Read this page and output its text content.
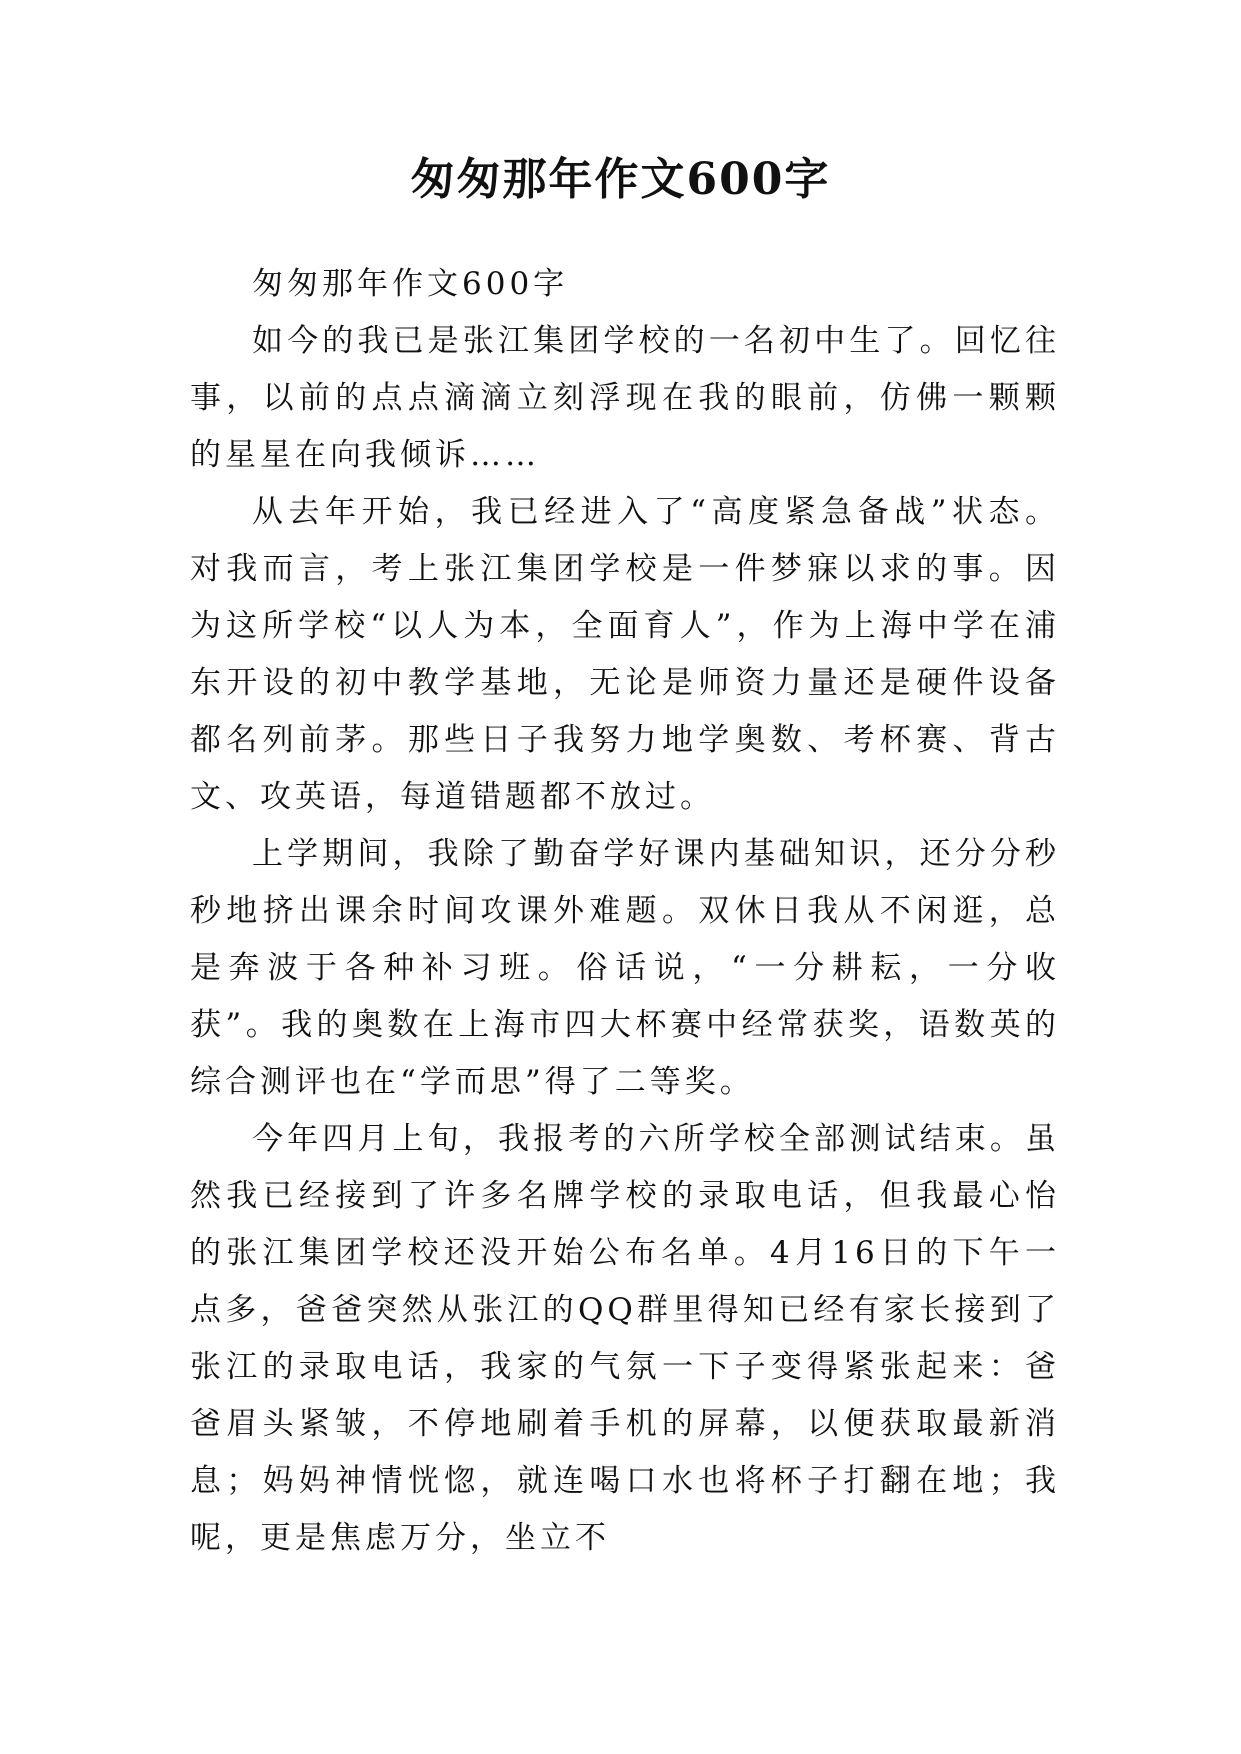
匆匆那年作文600字

匆匆那年作文600字

如今的我已是张江集团学校的一名初中生了。回忆往事，以前的点点滴滴立刻浮现在我的眼前，仿佛一颗颗的星星在向我倾诉……

从去年开始，我已经进入了“高度紧急备战”状态。对我而言，考上张江集团学校是一件梦寐以求的事。因为这所学校“以人为本，全面育人”，作为上海中学在浦东开设的初中教学基地，无论是师资力量还是硬件设备都名列前茅。那些日子我努力地学奥数、考杯赛、背古文、攻英语，每道错题都不放过。

上学期间，我除了勤奋学好课内基础知识，还分分秒秒地挤出课余时间攻课外难题。双休日我从不闲逛，总是奔波于各种补习班。俗话说，“一分耕耘，一分收获”。我的奥数在上海市四大杯赛中经常获奖，语数英的综合测评也在“学而思”得了二等奖。

今年四月上旬，我报考的六所学校全部测试结束。虽然我已经接到了许多名牌学校的录取电话，但我最心怡的张江集团学校还没开始公布名单。4月16日的下午一点多，爸爸突然从张江的QQ群里得知已经有家长接到了张江的录取电话，我家的气氛一下子变得紧张起来：爸爸眉头紧皱，不停地刷着手机的屏幕，以便获取最新消息；妈妈神情恍惚，就连喝口水也将杯子打翻在地；我呢，更是焦虑万分，坐立不
